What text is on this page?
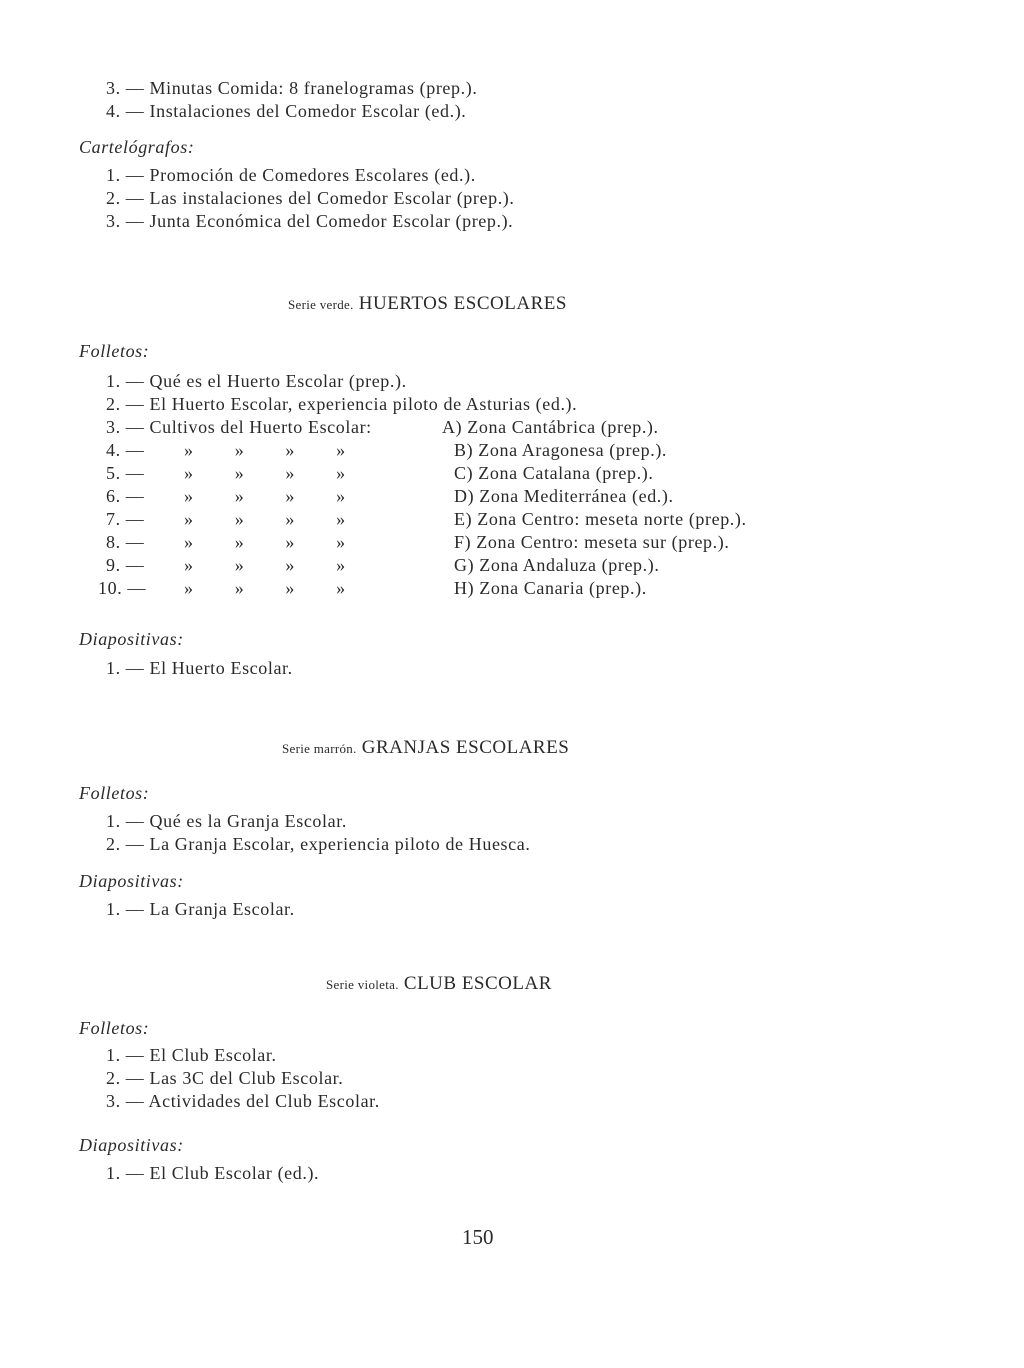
3. — Minutas Comida: 8 franelogramas (prep.).
4. — Instalaciones del Comedor Escolar (ed.).
Cartelógrafos:
1. — Promoción de Comedores Escolares (ed.).
2. — Las instalaciones del Comedor Escolar (prep.).
3. — Junta Económica del Comedor Escolar (prep.).
Serie verde. HUERTOS ESCOLARES
Folletos:
1. — Qué es el Huerto Escolar (prep.).
2. — El Huerto Escolar, experiencia piloto de Asturias (ed.).
3. — Cultivos del Huerto Escolar:	A) Zona Cantábrica (prep.).
4. — » » » »	B) Zona Aragonesa (prep.).
5. — » » » »	C) Zona Catalana (prep.).
6. — » » » »	D) Zona Mediterránea (ed.).
7. — » » » »	E) Zona Centro: meseta norte (prep.).
8. — » » » »	F) Zona Centro: meseta sur (prep.).
9. — » » » »	G) Zona Andaluza (prep.).
10. — » » » »	H) Zona Canaria (prep.).
Diapositivas:
1. — El Huerto Escolar.
Serie marrón. GRANJAS ESCOLARES
Folletos:
1. — Qué es la Granja Escolar.
2. — La Granja Escolar, experiencia piloto de Huesca.
Diapositivas:
1. — La Granja Escolar.
Serie violeta. CLUB ESCOLAR
Folletos:
1. — El Club Escolar.
2. — Las 3C del Club Escolar.
3. — Actividades del Club Escolar.
Diapositivas:
1. — El Club Escolar (ed.).
150
